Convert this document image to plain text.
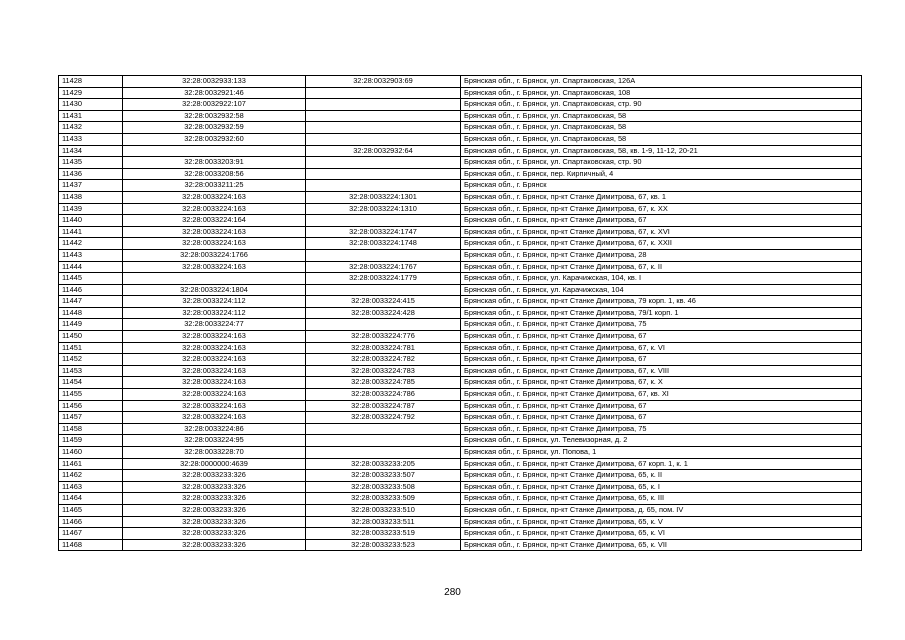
11428	32:28:0032933:133	32:28:0032903:69	Брянская обл., г. Брянск, ул. Спартаковская, 126А
11429	32:28:0032921:46		Брянская обл., г. Брянск, ул. Спартаковская, 108
11430	32:28:0032922:107		Брянская обл., г. Брянск, ул. Спартаковская, стр. 90
11431	32:28:0032932:58		Брянская обл., г. Брянск, ул. Спартаковская, 58
11432	32:28:0032932:59		Брянская обл., г. Брянск, ул. Спартаковская, 58
11433	32:28:0032932:60		Брянская обл., г. Брянск, ул. Спартаковская, 58
11434		32:28:0032932:64	Брянская обл., г. Брянск, ул. Спартаковская, 58, кв. 1-9, 11-12, 20-21
11435	32:28:0033203:91		Брянская обл., г. Брянск, ул. Спартаковская, стр. 90
11436	32:28:0033208:56		Брянская обл., г. Брянск, пер. Кирпичный, 4
11437	32:28:0033211:25		Брянская обл., г. Брянск
11438	32:28:0033224:163	32:28:0033224:1301	Брянская обл., г. Брянск, пр-кт Станке Димитрова, 67, кв. 1
11439	32:28:0033224:163	32:28:0033224:1310	Брянская обл., г. Брянск, пр-кт Станке Димитрова, 67, к. XX
11440	32:28:0033224:164		Брянская обл., г. Брянск, пр-кт Станке Димитрова, 67
11441	32:28:0033224:163	32:28:0033224:1747	Брянская обл., г. Брянск, пр-кт Станке Димитрова, 67, к. XVI
11442	32:28:0033224:163	32:28:0033224:1748	Брянская обл., г. Брянск, пр-кт Станке Димитрова, 67, к. XXII
11443	32:28:0033224:1766		Брянская обл., г. Брянск, пр-кт Станке Димитрова, 28
11444	32:28:0033224:163	32:28:0033224:1767	Брянская обл., г. Брянск, пр-кт Станке Димитрова, 67, к. II
11445		32:28:0033224:1779	Брянская обл., г. Брянск, ул. Карачижская, 104, кв. I
11446	32:28:0033224:1804		Брянская обл., г. Брянск, ул. Карачижская, 104
11447	32:28:0033224:112	32:28:0033224:415	Брянская обл., г. Брянск, пр-кт Станке Димитрова, 79 корп. 1, кв. 46
11448	32:28:0033224:112	32:28:0033224:428	Брянская обл., г. Брянск, пр-кт Станке Димитрова, 79/1 корп. 1
11449	32:28:0033224:77		Брянская обл., г. Брянск, пр-кт Станке Димитрова, 75
11450	32:28:0033224:163	32:28:0033224:776	Брянская обл., г. Брянск, пр-кт Станке Димитрова, 67
11451	32:28:0033224:163	32:28:0033224:781	Брянская обл., г. Брянск, пр-кт Станке Димитрова, 67, к. VI
11452	32:28:0033224:163	32:28:0033224:782	Брянская обл., г. Брянск, пр-кт Станке Димитрова, 67
11453	32:28:0033224:163	32:28:0033224:783	Брянская обл., г. Брянск, пр-кт Станке Димитрова, 67, к. VIII
11454	32:28:0033224:163	32:28:0033224:785	Брянская обл., г. Брянск, пр-кт Станке Димитрова, 67, к. X
11455	32:28:0033224:163	32:28:0033224:786	Брянская обл., г. Брянск, пр-кт Станке Димитрова, 67, кв. XI
11456	32:28:0033224:163	32:28:0033224:787	Брянская обл., г. Брянск, пр-кт Станке Димитрова, 67
11457	32:28:0033224:163	32:28:0033224:792	Брянская обл., г. Брянск, пр-кт Станке Димитрова, 67
11458	32:28:0033224:86		Брянская обл., г. Брянск, пр-кт Станке Димитрова, 75
11459	32:28:0033224:95		Брянская обл., г. Брянск, ул. Телевизорная, д. 2
11460	32:28:0033228:70		Брянская обл., г. Брянск, ул. Попова, 1
11461	32:28:0000000:4639	32:28:0033233:205	Брянская обл., г. Брянск, пр-кт Станке Димитрова, 67 корп. 1, к. 1
11462	32:28:0033233:326	32:28:0033233:507	Брянская обл., г. Брянск, пр-кт Станке Димитрова, 65, к. II
11463	32:28:0033233:326	32:28:0033233:508	Брянская обл., г. Брянск, пр-кт Станке Димитрова, 65, к. I
11464	32:28:0033233:326	32:28:0033233:509	Брянская обл., г. Брянск, пр-кт Станке Димитрова, 65, к. III
11465	32:28:0033233:326	32:28:0033233:510	Брянская обл., г. Брянск, пр-кт Станке Димитрова, д. 65, пом. IV
11466	32:28:0033233:326	32:28:0033233:511	Брянская обл., г. Брянск, пр-кт Станке Димитрова, 65, к. V
11467	32:28:0033233:326	32:28:0033233:519	Брянская обл., г. Брянск, пр-кт Станке Димитрова, 65, к. VI
11468	32:28:0033233:326	32:28:0033233:523	Брянская обл., г. Брянск, пр-кт Станке Димитрова, 65, к. VII
280
